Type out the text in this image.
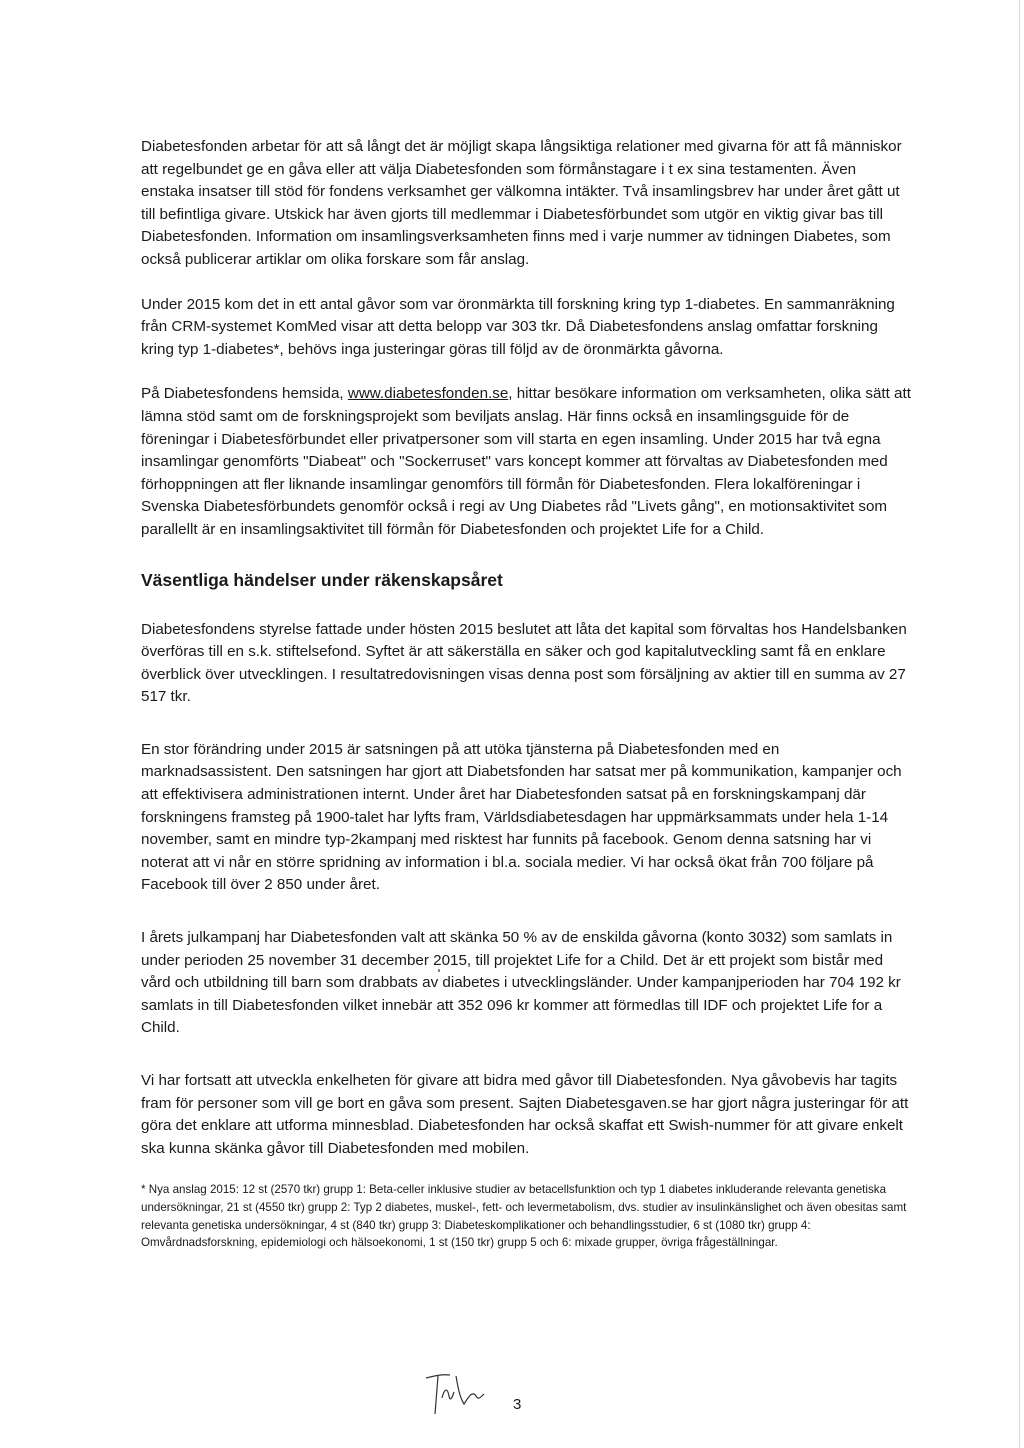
Diabetesfonden arbetar för att så långt det är möjligt skapa långsiktiga relationer med givarna för att få människor att regelbundet ge en gåva eller att välja Diabetesfonden som förmånstagare i t ex sina testamenten. Även enstaka insatser till stöd för fondens verksamhet ger välkomna intäkter. Två insamlingsbrev har under året gått ut till befintliga givare. Utskick har även gjorts till medlemmar i Diabetesförbundet som utgör en viktig givar bas till Diabetesfonden. Information om insamlingsverksamheten finns med i varje nummer av tidningen Diabetes, som också publicerar artiklar om olika forskare som får anslag.

Under 2015 kom det in ett antal gåvor som var öronmärkta till forskning kring typ 1-diabetes. En sammanräkning från CRM-systemet KomMed visar att detta belopp var 303 tkr. Då Diabetesfondens anslag omfattar forskning kring typ 1-diabetes*, behövs inga justeringar göras till följd av de öronmärkta gåvorna.

På Diabetesfondens hemsida, www.diabetesfonden.se, hittar besökare information om verksamheten, olika sätt att lämna stöd samt om de forskningsprojekt som beviljats anslag. Här finns också en insamlingsguide för de föreningar i Diabetesförbundet eller privatpersoner som vill starta en egen insamling. Under 2015 har två egna insamlingar genomförts "Diabeat" och "Sockerruset" vars koncept kommer att förvaltas av Diabetesfonden med förhoppningen att fler liknande insamlingar genomförs till förmån för Diabetesfonden. Flera lokalföreningar i Svenska Diabetesförbundets genomför också i regi av Ung Diabetes råd "Livets gång", en motionsaktivitet som parallellt är en insamlingsaktivitet till förmån för Diabetesfonden och projektet Life for a Child.

Väsentliga händelser under räkenskapsåret

Diabetesfondens styrelse fattade under hösten 2015 beslutet att låta det kapital som förvaltas hos Handelsbanken överföras till en s.k. stiftelsefond. Syftet är att säkerställa en säker och god kapitalutveckling samt få en enklare överblick över utvecklingen. I resultatredovisningen visas denna post som försäljning av aktier till en summa av 27 517 tkr.

En stor förändring under 2015 är satsningen på att utöka tjänsterna på Diabetesfonden med en marknadsassistent. Den satsningen har gjort att Diabetsfonden har satsat mer på kommunikation, kampanjer och att effektivisera administrationen internt. Under året har Diabetesfonden satsat på en forskningskampanj där forskningens framsteg på 1900-talet har lyfts fram, Världsdiabetesdagen har uppmärksammats under hela 1-14 november, samt en mindre typ-2kampanj med risktest har funnits på facebook. Genom denna satsning har vi noterat att vi når en större spridning av information i bl.a. sociala medier. Vi har också ökat från 700 följare på Facebook till över 2 850 under året.

I årets julkampanj har Diabetesfonden valt att skänka 50 % av de enskilda gåvorna (konto 3032) som samlats in under perioden 25 november 31 december 2015, till projektet Life for a Child. Det är ett projekt som bistår med vård och utbildning till barn som drabbats av diabetes i utvecklingsländer. Under kampanjperioden har 704 192 kr samlats in till Diabetesfonden vilket innebär att 352 096 kr kommer att förmedlas till IDF och projektet Life for a Child.

Vi har fortsatt att utveckla enkelheten för givare att bidra med gåvor till Diabetesfonden. Nya gåvobevis har tagits fram för personer som vill ge bort en gåva som present. Sajten Diabetesgaven.se har gjort några justeringar för att göra det enklare att utforma minnesblad. Diabetesfonden har också skaffat ett Swish-nummer för att givare enkelt ska kunna skänka gåvor till Diabetesfonden med mobilen.

* Nya anslag 2015: 12 st (2570 tkr) grupp 1: Beta-celler inklusive studier av betacellsfunktion och typ 1 diabetes inkluderande relevanta genetiska undersökningar, 21 st (4550 tkr) grupp 2: Typ 2 diabetes, muskel-, fett- och levermetabolism, dvs. studier av insulinkänslighet och även obesitas samt relevanta genetiska undersökningar, 4 st (840 tkr) grupp 3: Diabeteskomplikationer och behandlingsstudier, 6 st (1080 tkr) grupp 4: Omvårdnadsforskning, epidemiologi och hälsoekonomi, 1 st (150 tkr) grupp 5 och 6: mixade grupper, övriga frågeställningar.

3
